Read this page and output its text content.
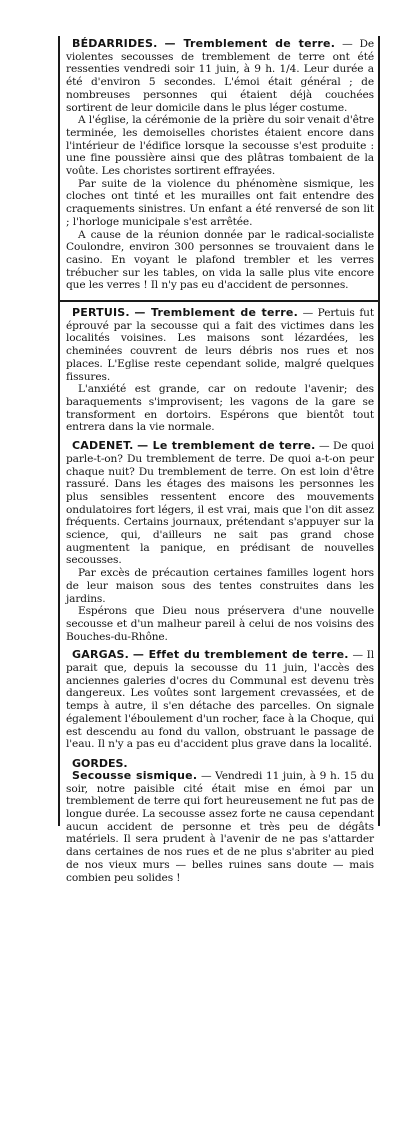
BÉDARRIDES. — Tremblement de terre. — De violentes secousses de tremblement de terre ont été ressenties vendredi soir 11 juin, à 9 h. 1/4. Leur durée a été d'environ 5 secondes. L'émoi était général ; de nombreuses personnes qui étaient déjà couchées sortirent de leur domicile dans le plus léger costume.

A l'église, la cérémonie de la prière du soir venait d'être terminée, les demoiselles choristes étaient encore dans l'intérieur de l'édifice lorsque la secousse s'est produite : une fine poussière ainsi que des plâtras tombaient de la voûte. Les choristes sortirent effrayées.

Par suite de la violence du phénomène sismique, les cloches ont tinté et les murailles ont fait entendre des craquements sinistres. Un enfant a été renversé de son lit ; l'horloge municipale s'est arrêtée.

A cause de la réunion donnée par le radical-socialiste Coulondre, environ 300 personnes se trouvaient dans le casino. En voyant le plafond trembler et les verres trébucher sur les tables, on vida la salle plus vite encore que les verres ! Il n'y pas eu d'accident de personnes.

PERTUIS. — Tremblement de terre. — Pertuis fut éprouvé par la secousse qui a fait des victimes dans les localités voisines. Les maisons sont lézardées, les cheminées couvrent de leurs débris nos rues et nos places. L'Eglise reste cependant solide, malgré quelques fissures.

L'anxiété est grande, car on redoute l'avenir; des baraquements s'improvisent; les vagons de la gare se transforment en dortoirs. Espérons que bientôt tout entrera dans la vie normale.

CADENET. — Le tremblement de terre. — De quoi parle-t-on? Du tremblement de terre. De quoi a-t-on peur chaque nuit? Du tremblement de terre. On est loin d'être rassuré. Dans les étages des maisons les personnes les plus sensibles ressentent encore des mouvements ondulatoires fort légers, il est vrai, mais que l'on dit assez fréquents. Certains journaux, prétendant s'appuyer sur la science, qui, d'ailleurs ne sait pas grand chose augmentent la panique, en prédisant de nouvelles secousses.

Par excès de précaution certaines familles logent hors de leur maison sous des tentes construites dans les jardins.

Espérons que Dieu nous préservera d'une nouvelle secousse et d'un malheur pareil à celui de nos voisins des Bouches-du-Rhône.

GARGAS. — Effet du tremblement de terre. — Il parait que, depuis la secousse du 11 juin, l'accès des anciennes galeries d'ocres du Communal est devenu très dangereux. Les voûtes sont largement crevassées, et de temps à autre, il s'en détache des parcelles. On signale également l'éboulement d'un rocher, face à la Choque, qui est descendu au fond du vallon, obstruant le passage de l'eau. Il n'y a pas eu d'accident plus grave dans la localité.

GORDES.

Secousse sismique. — Vendredi 11 juin, à 9 h. 15 du soir, notre paisible cité était mise en émoi par un tremblement de terre qui fort heureusement ne fut pas de longue durée. La secousse assez forte ne causa cependant aucun accident de personne et très peu de dégâts matériels. Il sera prudent à l'avenir de ne pas s'attarder dans certaines de nos rues et de ne plus s'abriter au pied de nos vieux murs — belles ruines sans doute — mais combien peu solides !
